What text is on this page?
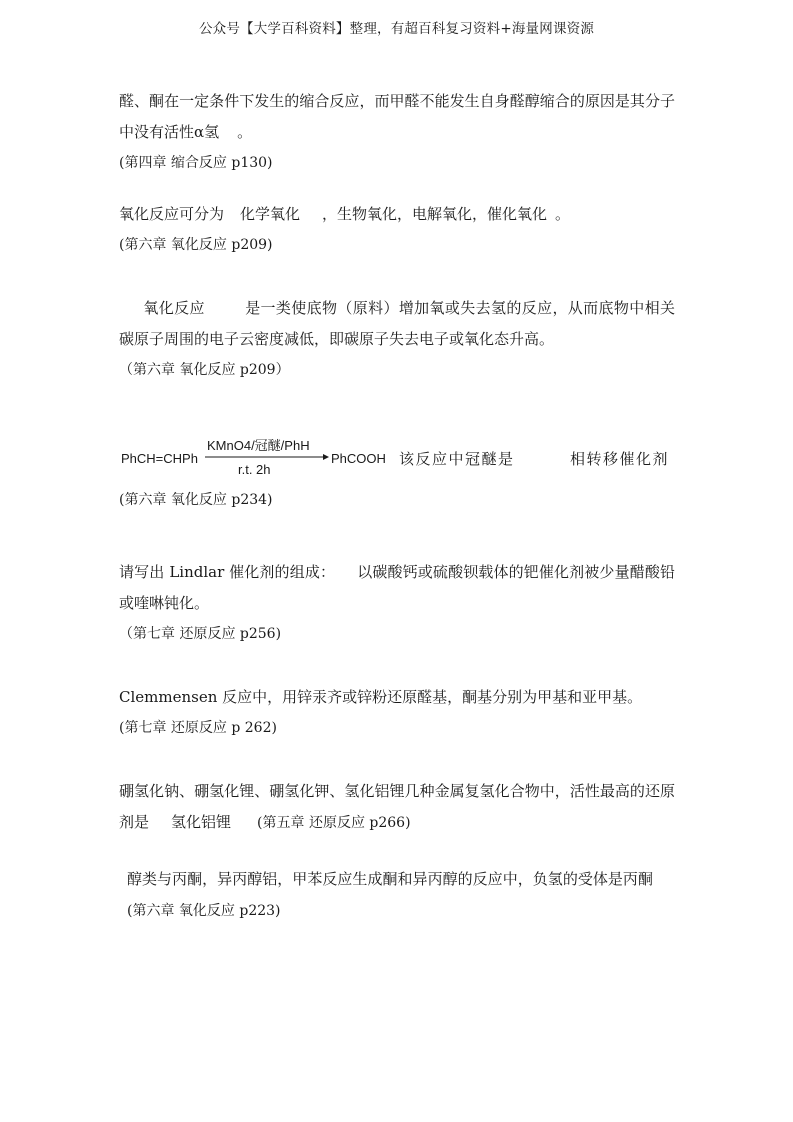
公众号【大学百科资料】整理，有超百科复习资料+海量网课资源

醛、酮在一定条件下发生的缩合反应，而甲醛不能发生自身醛醇缩合的原因是其分子中没有活性α氢 。

(第四章 缩合反应 p130)

氧化反应可分为 化学氧化 ，生物氧化，电解氧化，催化氧化 。

(第六章 氧化反应 p209)

氧化反应	是一类使底物（原料）增加氧或失去氢的反应，从而底物中相关碳原子周围的电子云密度减低，即碳原子失去电子或氧化态升高。

（第六章 氧化反应 p209）

PhCH=CHPh
KMnO4/冠醚/PhH
r.t. 2h
PhCOOH 该反应中冠醚是	相转移催化剂

(第六章 氧化反应 p234)

请写出 Lindlar 催化剂的组成： 以碳酸钙或硫酸钡载体的钯催化剂被少量醋酸铅或喹啉钝化。

（第七章 还原反应 p256)

Clemmensen 反应中，用锌汞齐或锌粉还原醛基，酮基分别为甲基和亚甲基。

(第七章 还原反应 p 262)

硼氢化钠、硼氢化锂、硼氢化钾、氢化铝锂几种金属复氢化合物中，活性最高的还原剂是 氢化铝锂 (第五章 还原反应 p266)

醇类与丙酮，异丙醇铝，甲苯反应生成酮和异丙醇的反应中，负氢的受体是丙酮(第六章 氧化反应 p223)
